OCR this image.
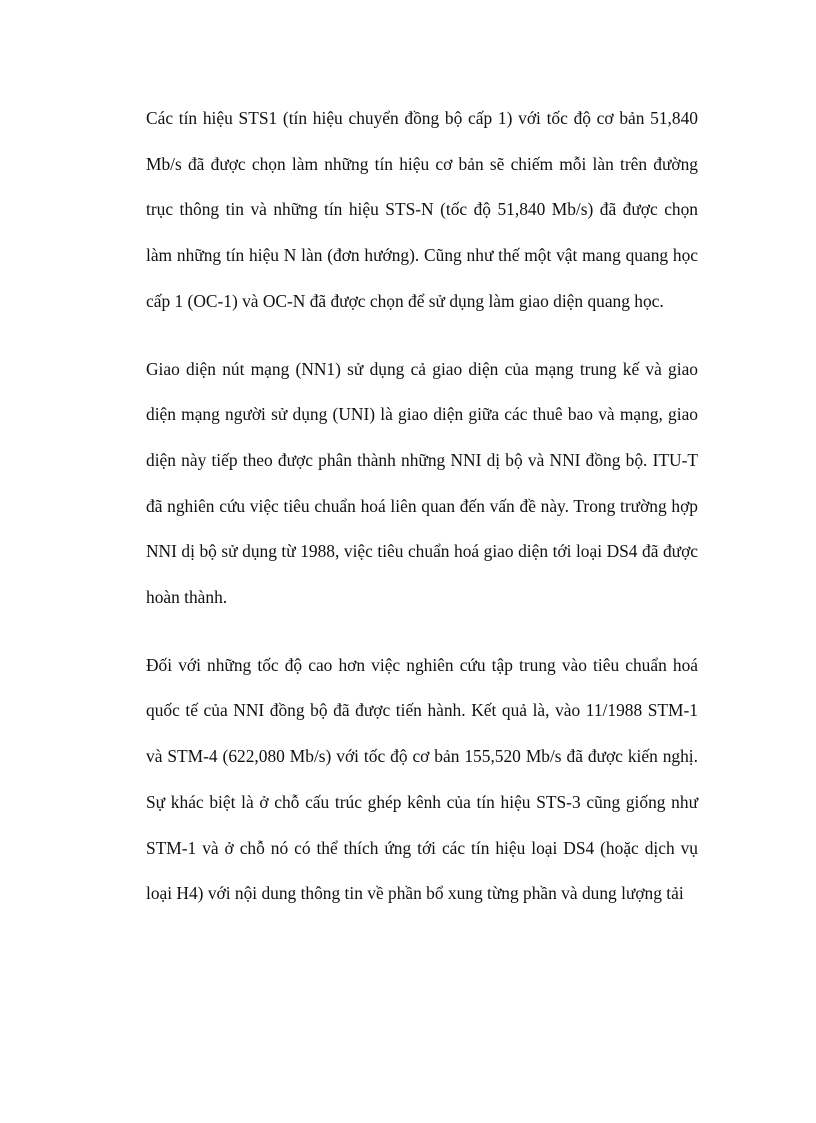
Các tín hiệu STS1 (tín hiệu chuyển đồng bộ cấp 1) với tốc độ cơ bản 51,840 Mb/s đã được chọn làm những tín hiệu cơ bản sẽ chiếm mỗi làn trên đường trục thông tin và những tín hiệu STS-N (tốc độ 51,840 Mb/s) đã được chọn làm những tín hiệu N làn (đơn hướng). Cũng như thế một vật mang quang học cấp 1 (OC-1) và OC-N đã được chọn để sử dụng làm giao diện quang học.

Giao diện nút mạng (NN1) sử dụng cả giao diện của mạng trung kế và giao diện mạng người sử dụng (UNI) là giao diện giữa các thuê bao và mạng, giao diện này tiếp theo được phân thành những NNI dị bộ và NNI đồng bộ. ITU-T đã nghiên cứu việc tiêu chuẩn hoá liên quan đến vấn đề này. Trong trường hợp NNI dị bộ sử dụng từ 1988, việc tiêu chuẩn hoá giao diện tới loại DS4 đã được hoàn thành.

Đối với những tốc độ cao hơn việc nghiên cứu tập trung vào tiêu chuẩn hoá quốc tế của NNI đồng bộ đã được tiến hành. Kết quả là, vào 11/1988 STM-1 và STM-4 (622,080 Mb/s) với tốc độ cơ bản 155,520 Mb/s đã được kiến nghị. Sự khác biệt là ở chỗ cấu trúc ghép kênh của tín hiệu STS-3 cũng giống như STM-1 và ở chỗ nó có thể thích ứng tới các tín hiệu loại DS4 (hoặc dịch vụ loại H4) với nội dung thông tin về phần bổ xung từng phần và dung lượng tải
